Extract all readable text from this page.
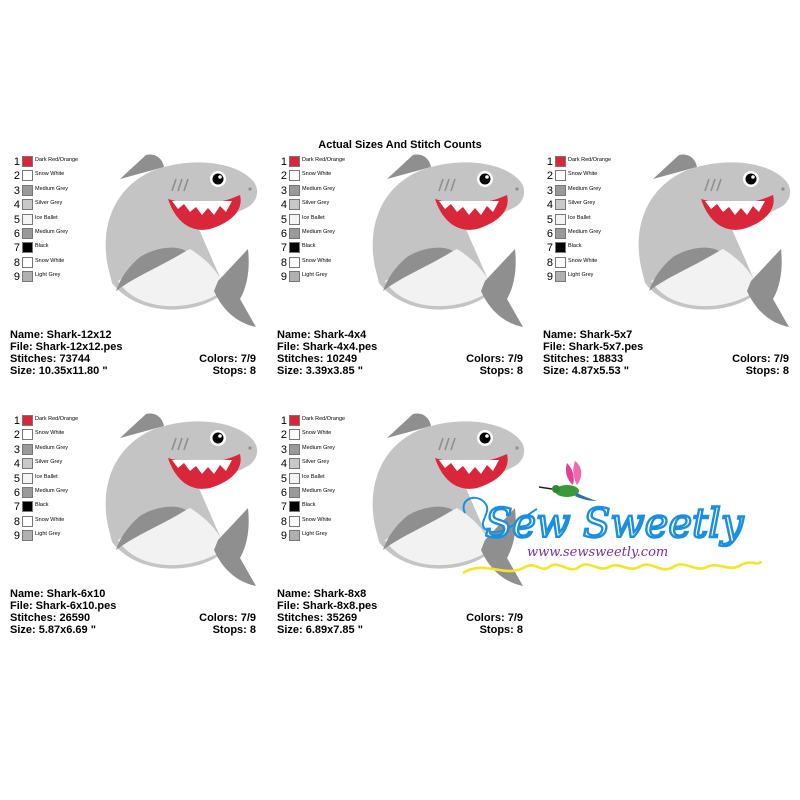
Actual Sizes And Stitch Counts
1	Dark Red/Orange
2	Snow White
3	Medium Grey
4	Silver Grey
5	Ice Ballet
6	Medium Grey
7	Black
8	Snow White
9	Light Grey
Name: Shark-12x12
File: Shark-12x12.pes
Stitches: 73744	Colors: 7/9
Size: 10.35x11.80 "	Stops: 8
1	Dark Red/Orange
2	Snow White
3	Medium Grey
4	Silver Grey
5	Ice Ballet
6	Medium Grey
7	Black
8	Snow White
9	Light Grey
Name: Shark-4x4
File: Shark-4x4.pes
Stitches: 10249	Colors: 7/9
Size: 3.39x3.85 "	Stops: 8
1	Dark Red/Orange
2	Snow White
3	Medium Grey
4	Silver Grey
5	Ice Ballet
6	Medium Grey
7	Black
8	Snow White
9	Light Grey
Name: Shark-5x7
File: Shark-5x7.pes
Stitches: 18833	Colors: 7/9
Size: 4.87x5.53 "	Stops: 8
1	Dark Red/Orange
2	Snow White
3	Medium Grey
4	Silver Grey
5	Ice Ballet
6	Medium Grey
7	Black
8	Snow White
9	Light Grey
Name: Shark-6x10
File: Shark-6x10.pes
Stitches: 26590	Colors: 7/9
Size: 5.87x6.69 "	Stops: 8
1	Dark Red/Orange
2	Snow White
3	Medium Grey
4	Silver Grey
5	Ice Ballet
6	Medium Grey
7	Black
8	Snow White
9	Light Grey
Name: Shark-8x8
File: Shark-8x8.pes
Stitches: 35269	Colors: 7/9
Size: 6.89x7.85 "	Stops: 8
Sew Sweetly
www.sewsweetly.com
